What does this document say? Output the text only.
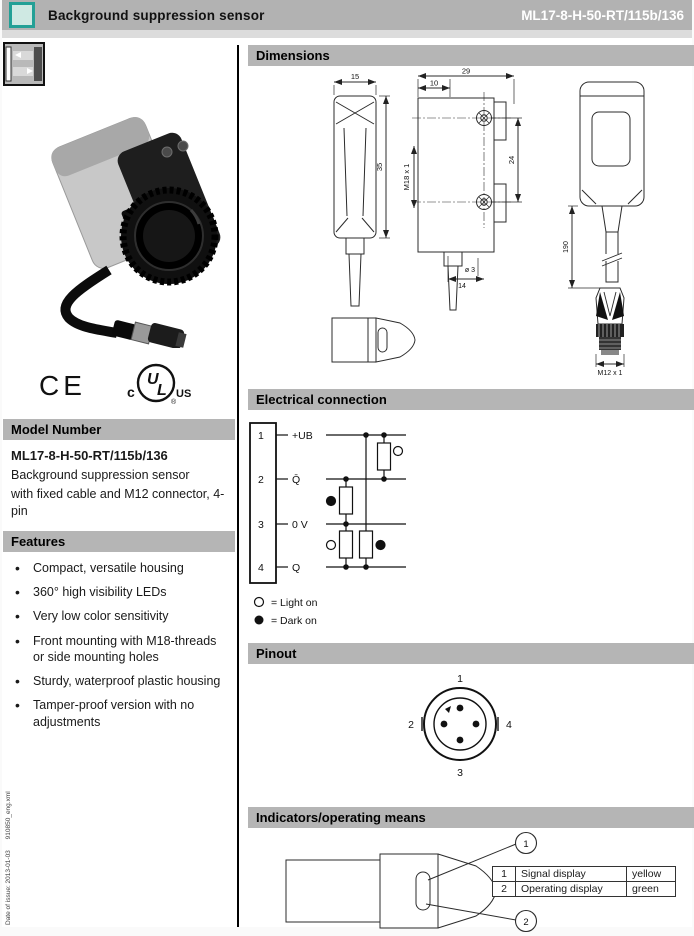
Background suppression sensor	ML17-8-H-50-RT/115b/136
CE	U
L
c	US
®
Model Number
ML17-8-H-50-RT/115b/136
Background suppression sensor
with fixed cable and M12 connector, 4-pin
Features
• Compact, versatile housing
• 360° high visibility LEDs
• Very low color sensitivity
• Front mounting with M18-threads or side mounting holes
• Sturdy, waterproof plastic housing
• Tamper-proof version with no adjustments
Dimensions
15
35
29
10
M18 x 1
24
ø 3
14
190
M12 x 1
Electrical connection
1
2
3
4
+UB
Q̄
0 V
Q
= Light on
= Dark on
Pinout
1
2	4
3
Indicators/operating means
1
2
1	Signal display	yellow
2	Operating display	green
Date of issue: 2013-01-03      910850_eng.xml
